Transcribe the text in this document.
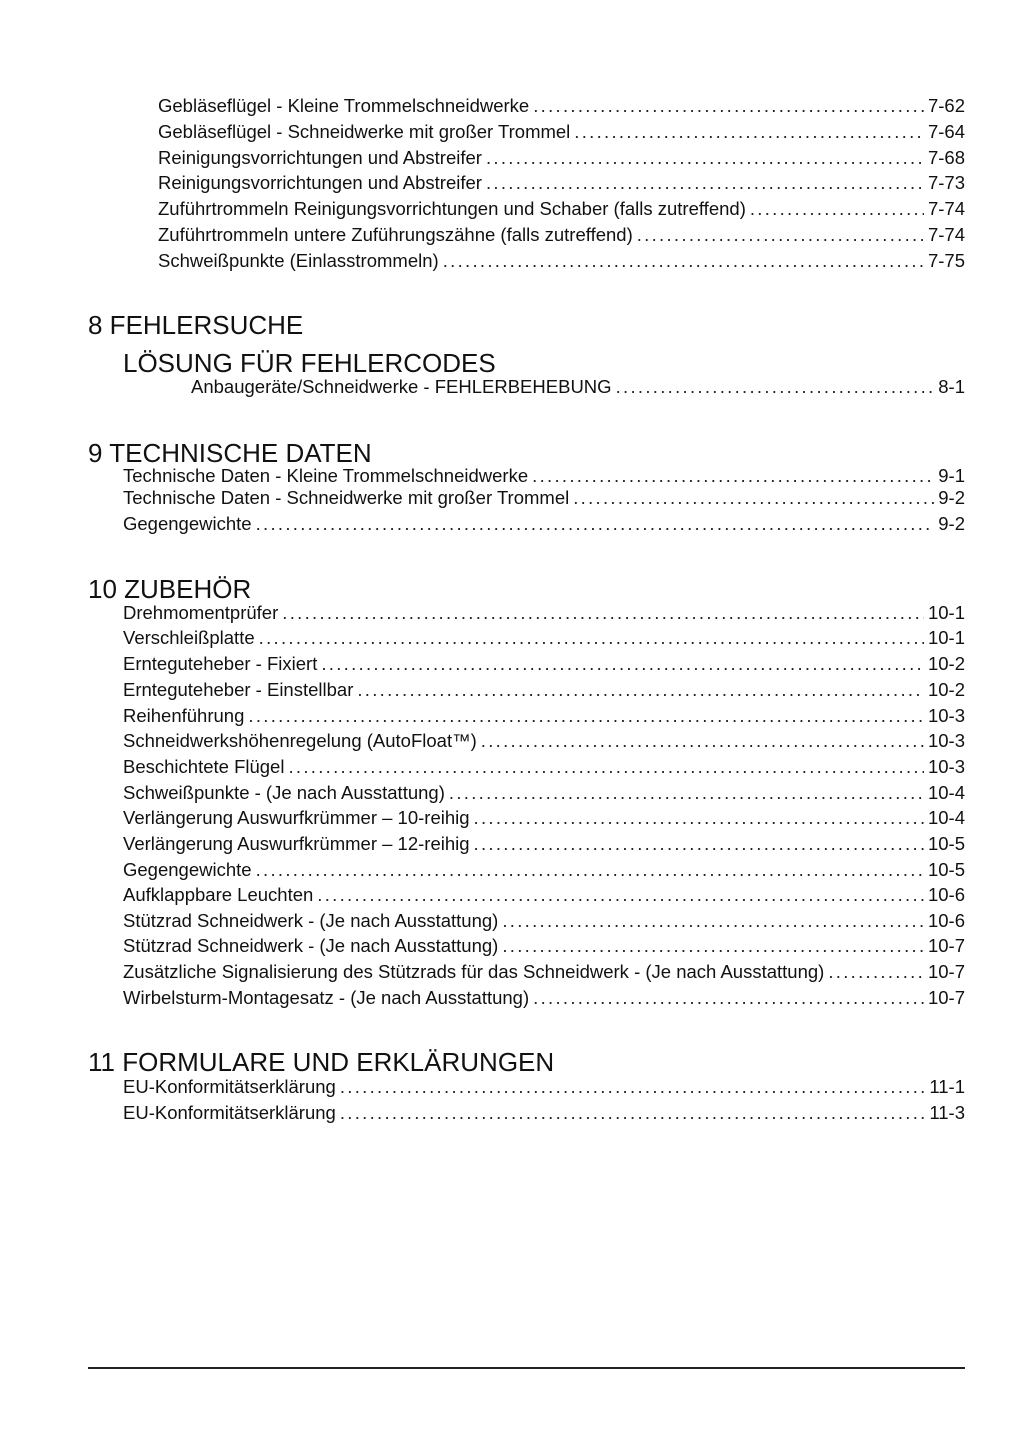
Gebläseflügel - Kleine Trommelschneidwerke .....	7-62
Gebläseflügel - Schneidwerke mit großer Trommel .....	7-64
Reinigungsvorrichtungen und Abstreifer .....	7-68
Reinigungsvorrichtungen und Abstreifer .....	7-73
Zuführtrommeln Reinigungsvorrichtungen und Schaber (falls zutreffend) .....	7-74
Zuführtrommeln untere Zuführungszähne (falls zutreffend) .....	7-74
Schweißpunkte (Einlasstrommeln) .....	7-75
8 FEHLERSUCHE
LÖSUNG FÜR FEHLERCODES
Anbaugeräte/Schneidwerke - FEHLERBEHEBUNG .....	8-1
9 TECHNISCHE DATEN
Technische Daten - Kleine Trommelschneidwerke .....	9-1
Technische Daten - Schneidwerke mit großer Trommel .....	9-2
Gegengewichte .....	9-2
10 ZUBEHÖR
Drehmomentprüfer .....	10-1
Verschleißplatte .....	10-1
Ernteguteheber - Fixiert .....	10-2
Ernteguteheber - Einstellbar .....	10-2
Reihenführung .....	10-3
Schneidwerkshöhenregelung (AutoFloat™) .....	10-3
Beschichtete Flügel .....	10-3
Schweißpunkte - (Je nach Ausstattung) .....	10-4
Verlängerung Auswurfkrümmer – 10-reihig .....	10-4
Verlängerung Auswurfkrümmer – 12-reihig .....	10-5
Gegengewichte .....	10-5
Aufklappbare Leuchten .....	10-6
Stützrad Schneidwerk - (Je nach Ausstattung) .....	10-6
Stützrad Schneidwerk - (Je nach Ausstattung) .....	10-7
Zusätzliche Signalisierung des Stützrads für das Schneidwerk - (Je nach Ausstattung) .....	10-7
Wirbelsturm-Montagesatz - (Je nach Ausstattung) .....	10-7
11 FORMULARE UND ERKLÄRUNGEN
EU-Konformitätserklärung .....	11-1
EU-Konformitätserklärung .....	11-3
